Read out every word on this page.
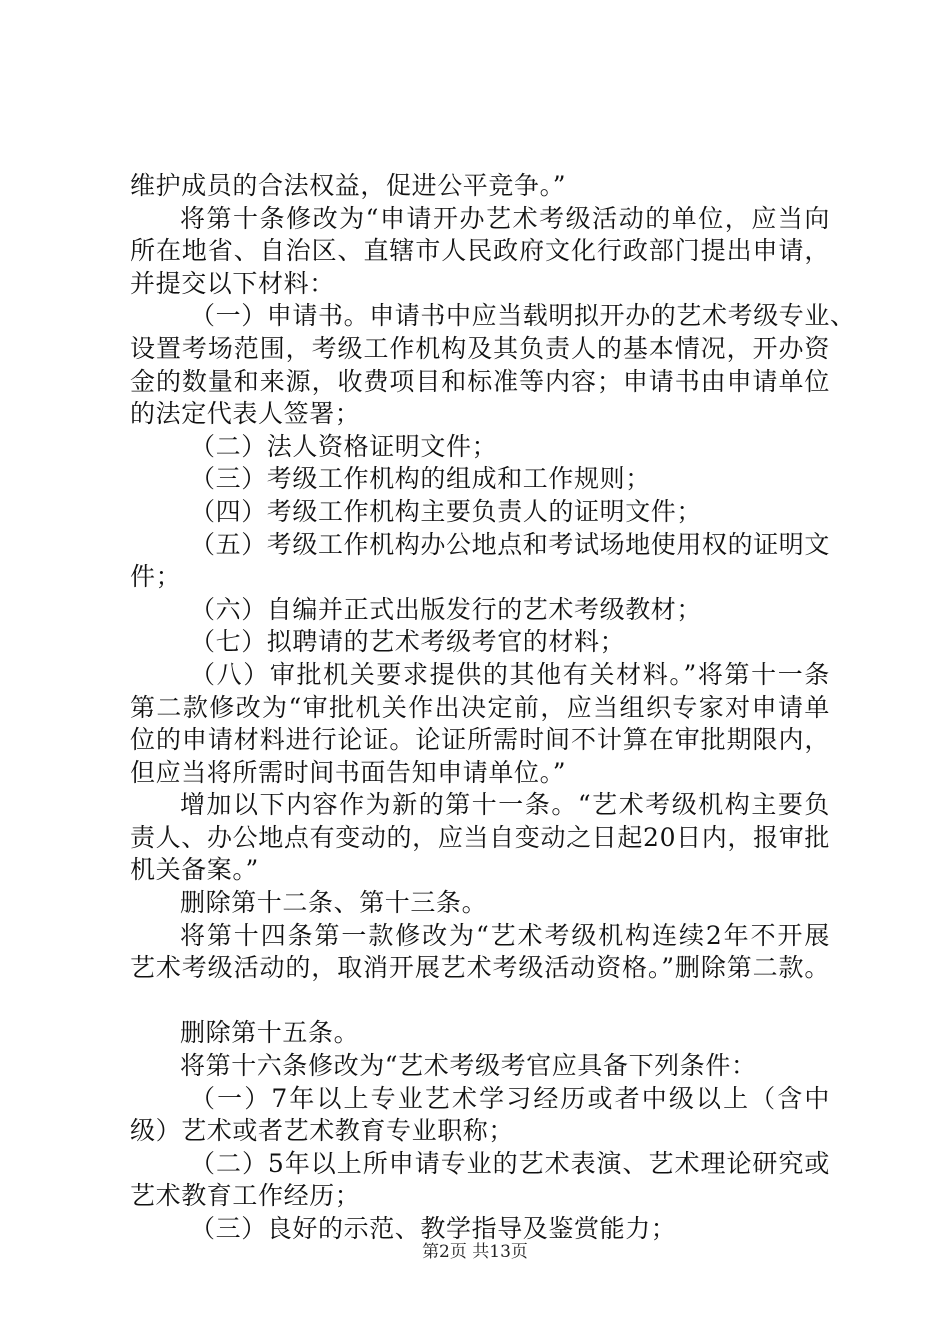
维护成员的合法权益，促进公平竞争。”
将第十条修改为“申请开办艺术考级活动的单位，应当向
所在地省、自治区、直辖市人民政府文化行政部门提出申请，
并提交以下材料：
（一）申请书。申请书中应当载明拟开办的艺术考级专业、
设置考场范围，考级工作机构及其负责人的基本情况，开办资
金的数量和来源，收费项目和标准等内容；申请书由申请单位
的法定代表人签署；
（二）法人资格证明文件；
（三）考级工作机构的组成和工作规则；
（四）考级工作机构主要负责人的证明文件；
（五）考级工作机构办公地点和考试场地使用权的证明文
件；
（六）自编并正式出版发行的艺术考级教材；
（七）拟聘请的艺术考级考官的材料；
（八）审批机关要求提供的其他有关材料。”将第十一条
第二款修改为“审批机关作出决定前，应当组织专家对申请单
位的申请材料进行论证。论证所需时间不计算在审批期限内，
但应当将所需时间书面告知申请单位。”
增加以下内容作为新的第十一条。“艺术考级机构主要负
责人、办公地点有变动的，应当自变动之日起20日内，报审批
机关备案。”
删除第十二条、第十三条。
将第十四条第一款修改为“艺术考级机构连续2年不开展
艺术考级活动的，取消开展艺术考级活动资格。”删除第二款。
删除第十五条。
将第十六条修改为“艺术考级考官应具备下列条件：
（一）7年以上专业艺术学习经历或者中级以上（含中
级）艺术或者艺术教育专业职称；
（二）5年以上所申请专业的艺术表演、艺术理论研究或
艺术教育工作经历；
（三）良好的示范、教学指导及鉴赏能力；
第2页 共13页
